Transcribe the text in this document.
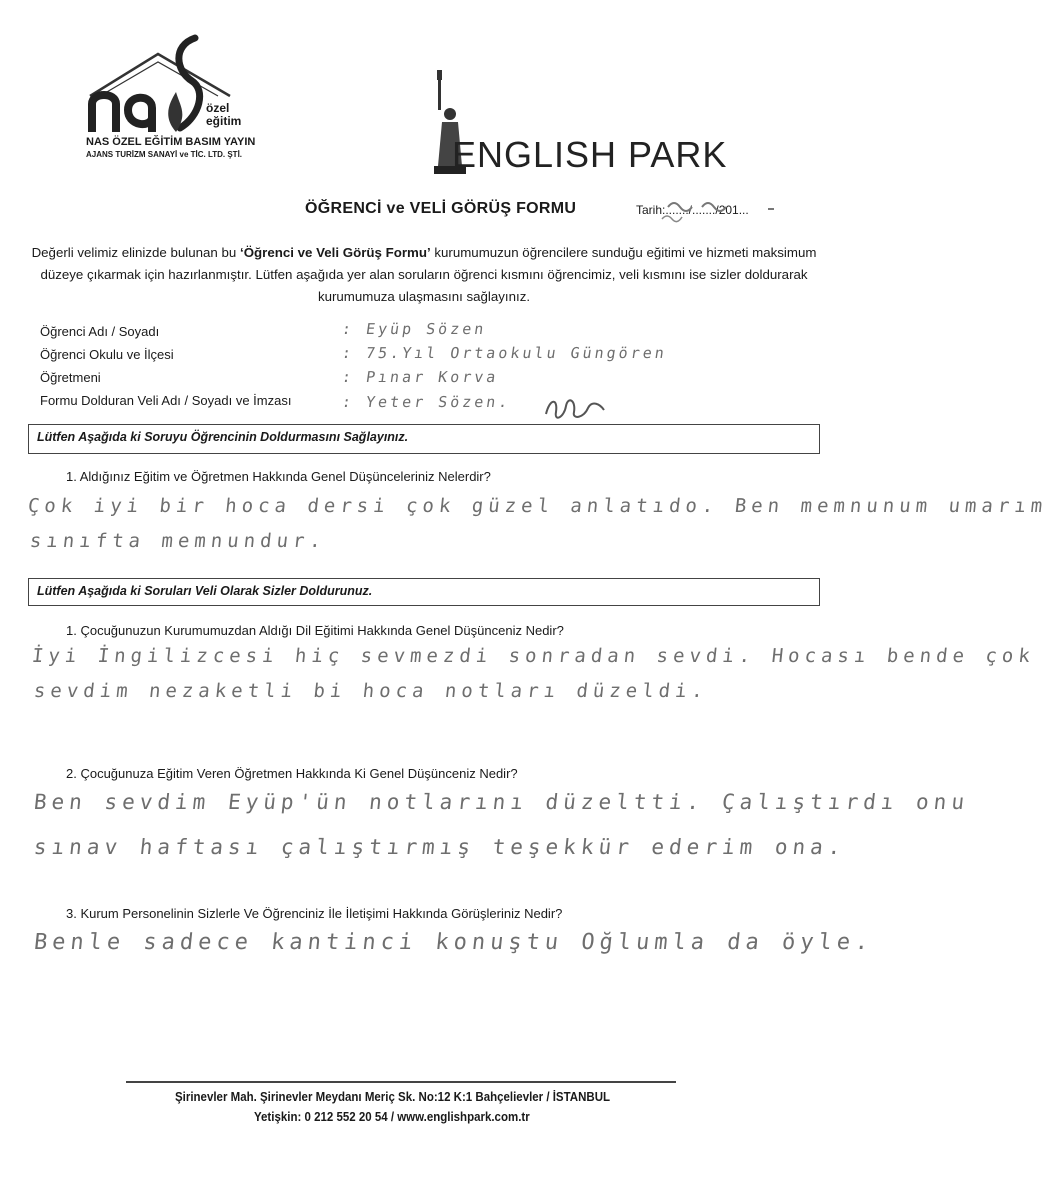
özel
eğitim
NAS ÖZEL EĞİTİM BASIM YAYIN
AJANS TURİZM SANAYİ ve TİC. LTD. ŞTİ.	ENGLISH PARK
ÖĞRENCİ ve VELİ GÖRÜŞ FORMU	Tarih:......./......./201...
Değerli velimiz elinizde bulunan bu ‘Öğrenci ve Veli Görüş Formu’ kurumumuzun öğrencilere sunduğu eğitimi ve hizmeti maksimum düzeye çıkarmak için hazırlanmıştır. Lütfen aşağıda yer alan soruların öğrenci kısmını öğrencimiz, veli kısmını ise sizler doldurarak kurumumuza ulaşmasını sağlayınız.
Öğrenci Adı / Soyadı
Öğrenci Okulu ve İlçesi
Öğretmeni
Formu Dolduran Veli Adı / Soyadı ve İmzası
: Eyüp Sözen
: 75.Yıl Ortaokulu Güngören
: Pınar Korva
: Yeter Sözen.
Lütfen Aşağıda ki Soruyu Öğrencinin Doldurmasını Sağlayınız.
1. Aldığınız Eğitim ve Öğretmen Hakkında Genel Düşünceleriniz Nelerdir?
Çok iyi bir hoca dersi çok güzel anlatıdo. Ben memnunum umarım
sınıfta memnundur.
Lütfen Aşağıda ki Soruları Veli Olarak Sizler Doldurunuz.
1. Çocuğunuzun Kurumumuzdan Aldığı Dil Eğitimi Hakkında Genel Düşünceniz Nedir?
İyi İngilizcesi hiç sevmezdi sonradan sevdi. Hocası bende çok
sevdim nezaketli bi hoca notları düzeldi.
2. Çocuğunuza Eğitim Veren Öğretmen Hakkında Ki Genel Düşünceniz Nedir?
Ben sevdim Eyüp'ün notlarını düzeltti. Çalıştırdı onu
sınav haftası çalıştırmış teşekkür ederim ona.
3. Kurum Personelinin Sizlerle Ve Öğrenciniz İle İletişimi Hakkında Görüşleriniz Nedir?
Benle sadece kantinci konuştu Oğlumla da öyle.
Şirinevler Mah. Şirinevler Meydanı Meriç Sk. No:12 K:1 Bahçelievler / İSTANBUL
Yetişkin: 0 212 552 20 54 / www.englishpark.com.tr
